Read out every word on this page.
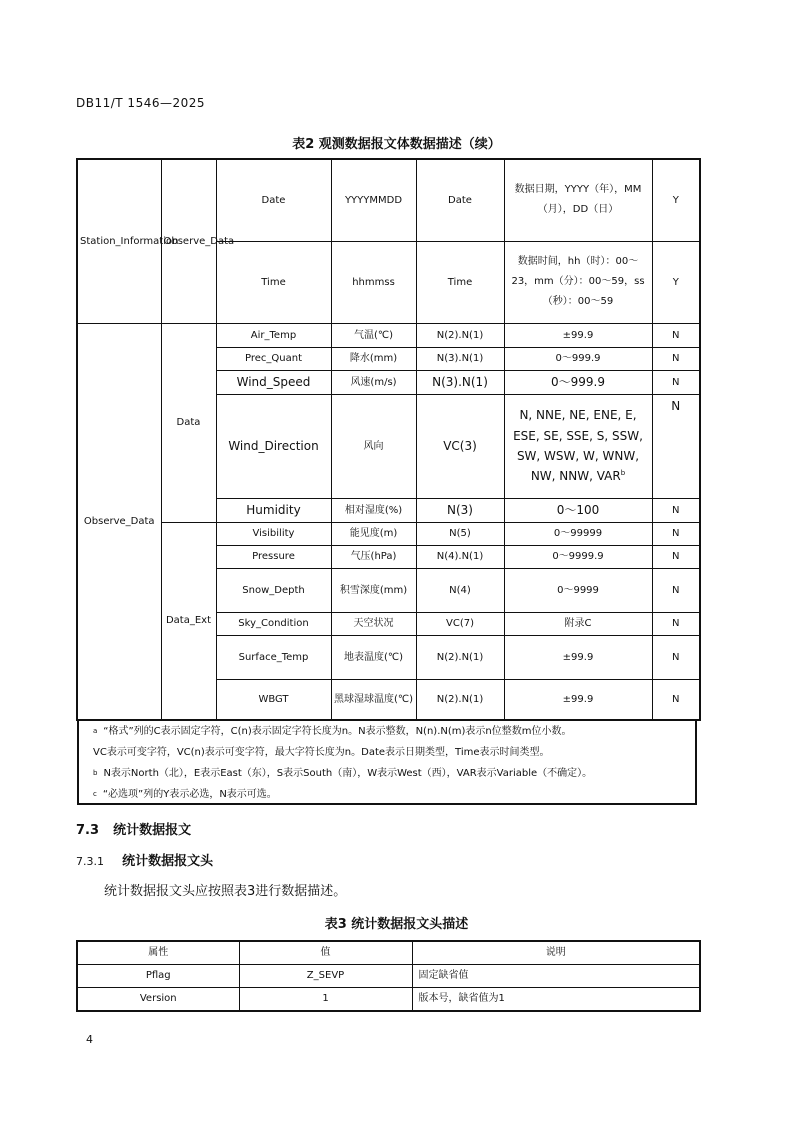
DB11/T 1546—2025
表2 观测数据报文体数据描述（续）
Station_Information	Observe_Data	Date	YYYYMMDD	Date	数据日期，YYYY（年），MM（月），DD（日）	Y
		Time	hhmmss	Time	数据时间，hh（时）：00～23，mm（分）：00～59，ss（秒）：00～59	Y
Observe_Data	Data	Air_Temp	气温(℃)	N(2).N(1)	±99.9	N
		Prec_Quant	降水(mm)	N(3).N(1)	0～999.9	N
		Wind_Speed	风速(m/s)	N(3).N(1)	0～999.9	N
		Wind_Direction	风向	VC(3)	N, NNE, NE, ENE, E, ESE, SE, SSE, S, SSW, SW, WSW, W, WNW, NW, NNW, VAR$^b$	N
		Humidity	相对湿度(%)	N(3)	0～100	N
	Data_Ext	Visibility	能见度(m)	N(5)	0～99999	N
		Pressure	气压(hPa)	N(4).N(1)	0～9999.9	N
		Snow_Depth	积雪深度(mm)	N(4)	0～9999	N
		Sky_Condition	天空状况	VC(7)	附录C	N
		Surface_Temp	地表温度(℃)	N(2).N(1)	±99.9	N
		WBGT	黑球湿球温度(℃)	N(2).N(1)	±99.9	N
$^a$ “格式”列的C表示固定字符，C(n)表示固定字符长度为n。N表示整数，N(n).N(m)表示n位整数m位小数。
VC表示可变字符，VC(n)表示可变字符，最大字符长度为n。Date表示日期类型，Time表示时间类型。
$^b$ N表示North（北），E表示East（东），S表示South（南），W表示West（西），VAR表示Variable（不确定）。
$^c$ “必选项”列的Y表示必选，N表示可选。
7.3 统计数据报文
7.3.1 统计数据报文头
统计数据报文头应按照表3进行数据描述。
表3 统计数据报文头描述
属性	值	说明
Pflag	Z_SEVP	固定缺省值
Version	1	版本号，缺省值为1
4
